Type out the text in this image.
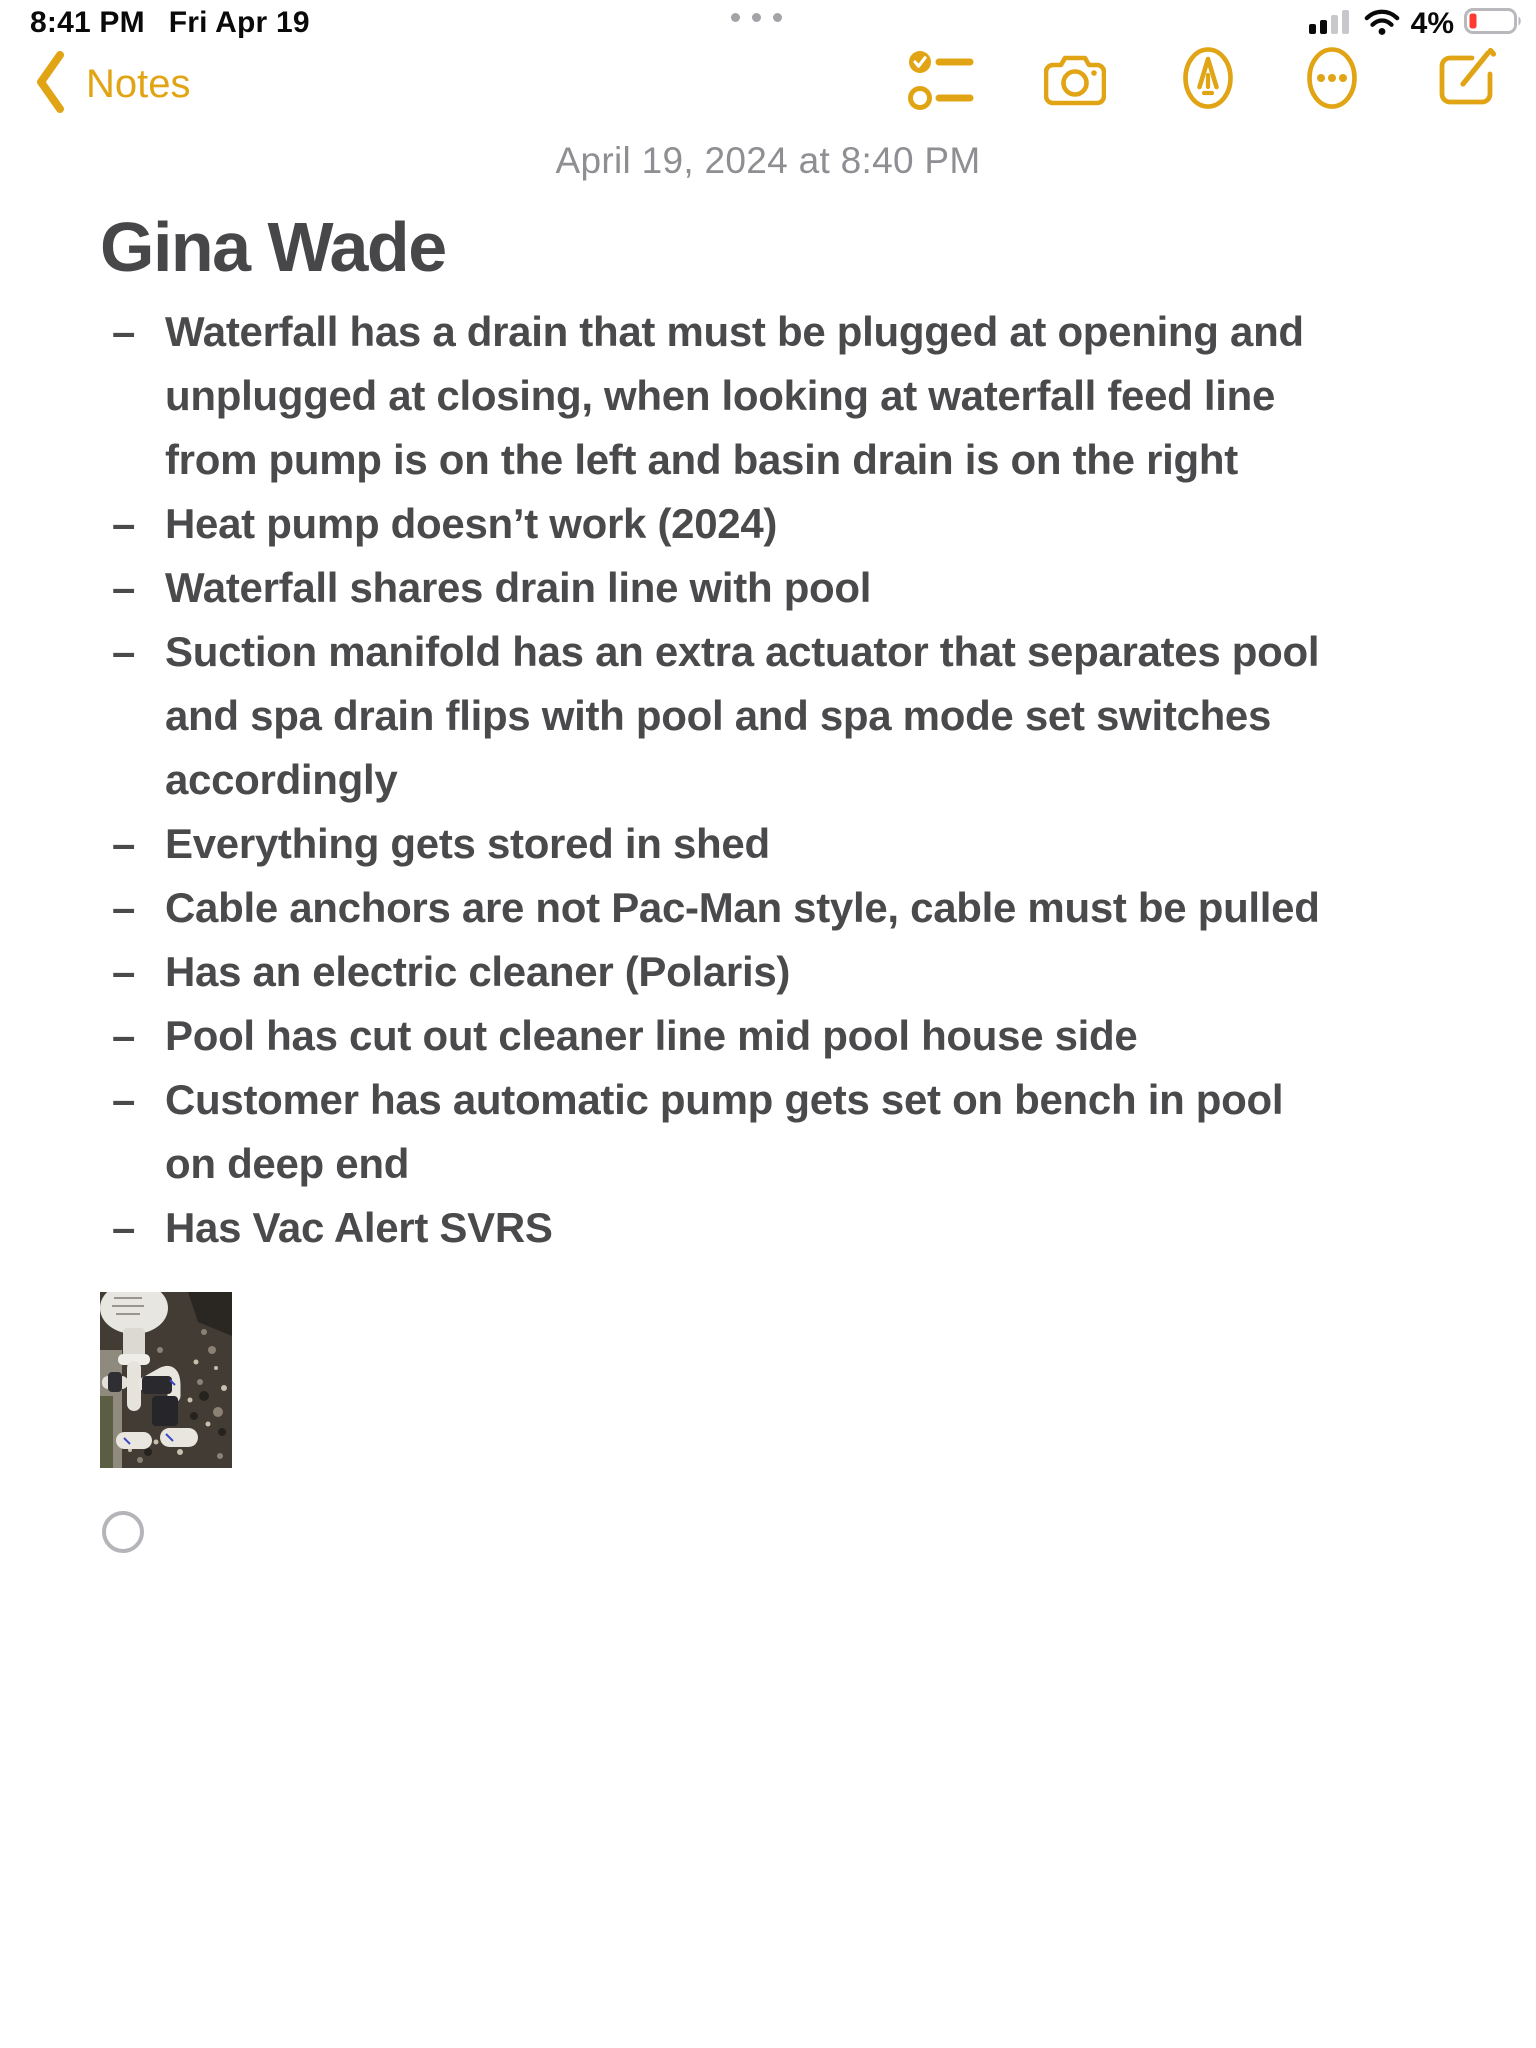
8:41 PM Fri Apr 19	4%
Notes
April 19, 2024 at 8:40 PM
Gina Wade
– Waterfall has a drain that must be plugged at opening and
unplugged at closing, when looking at waterfall feed line
from pump is on the left and basin drain is on the right
– Heat pump doesn’t work (2024)
– Waterfall shares drain line with pool
– Suction manifold has an extra actuator that separates pool
and spa drain flips with pool and spa mode set switches
accordingly
– Everything gets stored in shed
– Cable anchors are not Pac-Man style, cable must be pulled
– Has an electric cleaner (Polaris)
– Pool has cut out cleaner line mid pool house side
– Customer has automatic pump gets set on bench in pool
on deep end
– Has Vac Alert SVRS
